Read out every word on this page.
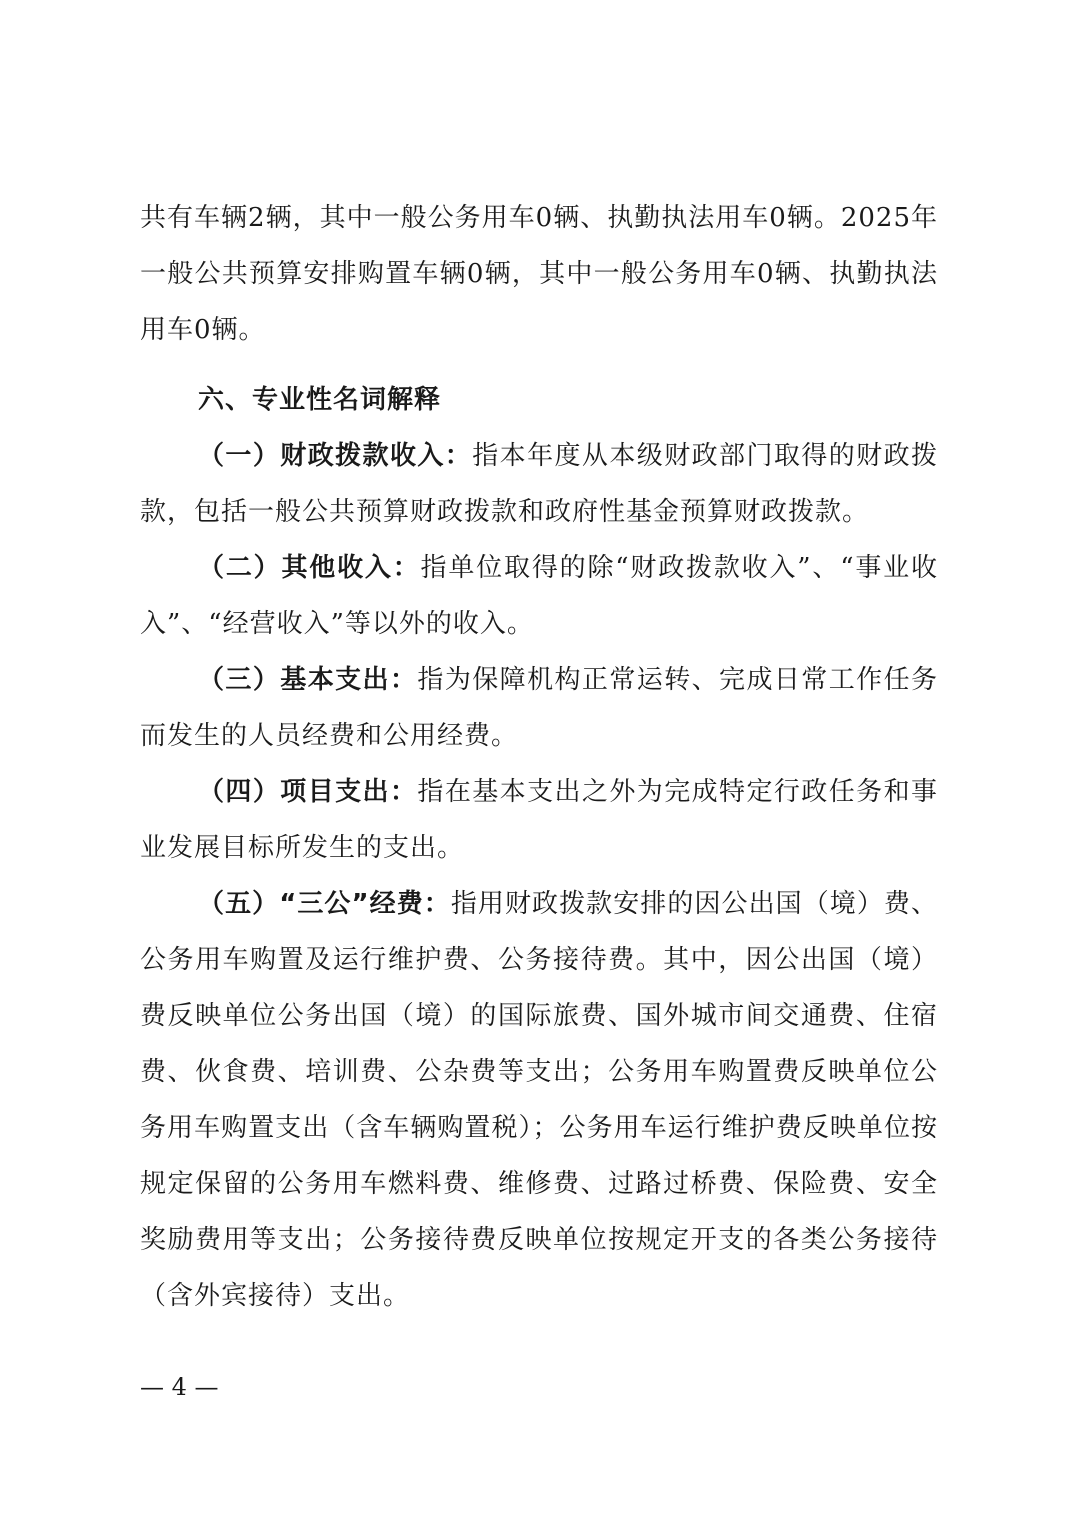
共有车辆2辆，其中一般公务用车0辆、执勤执法用车0辆。2025年一般公共预算安排购置车辆0辆，其中一般公务用车0辆、执勤执法用车0辆。

六、专业性名词解释

（一）财政拨款收入：指本年度从本级财政部门取得的财政拨款，包括一般公共预算财政拨款和政府性基金预算财政拨款。

（二）其他收入：指单位取得的除“财政拨款收入”、“事业收入”、“经营收入”等以外的收入。

（三）基本支出：指为保障机构正常运转、完成日常工作任务而发生的人员经费和公用经费。

（四）项目支出：指在基本支出之外为完成特定行政任务和事业发展目标所发生的支出。

（五）“三公”经费：指用财政拨款安排的因公出国（境）费、公务用车购置及运行维护费、公务接待费。其中，因公出国（境）费反映单位公务出国（境）的国际旅费、国外城市间交通费、住宿费、伙食费、培训费、公杂费等支出；公务用车购置费反映单位公务用车购置支出（含车辆购置税）；公务用车运行维护费反映单位按规定保留的公务用车燃料费、维修费、过路过桥费、保险费、安全奖励费用等支出；公务接待费反映单位按规定开支的各类公务接待（含外宾接待）支出。

— 4 —
